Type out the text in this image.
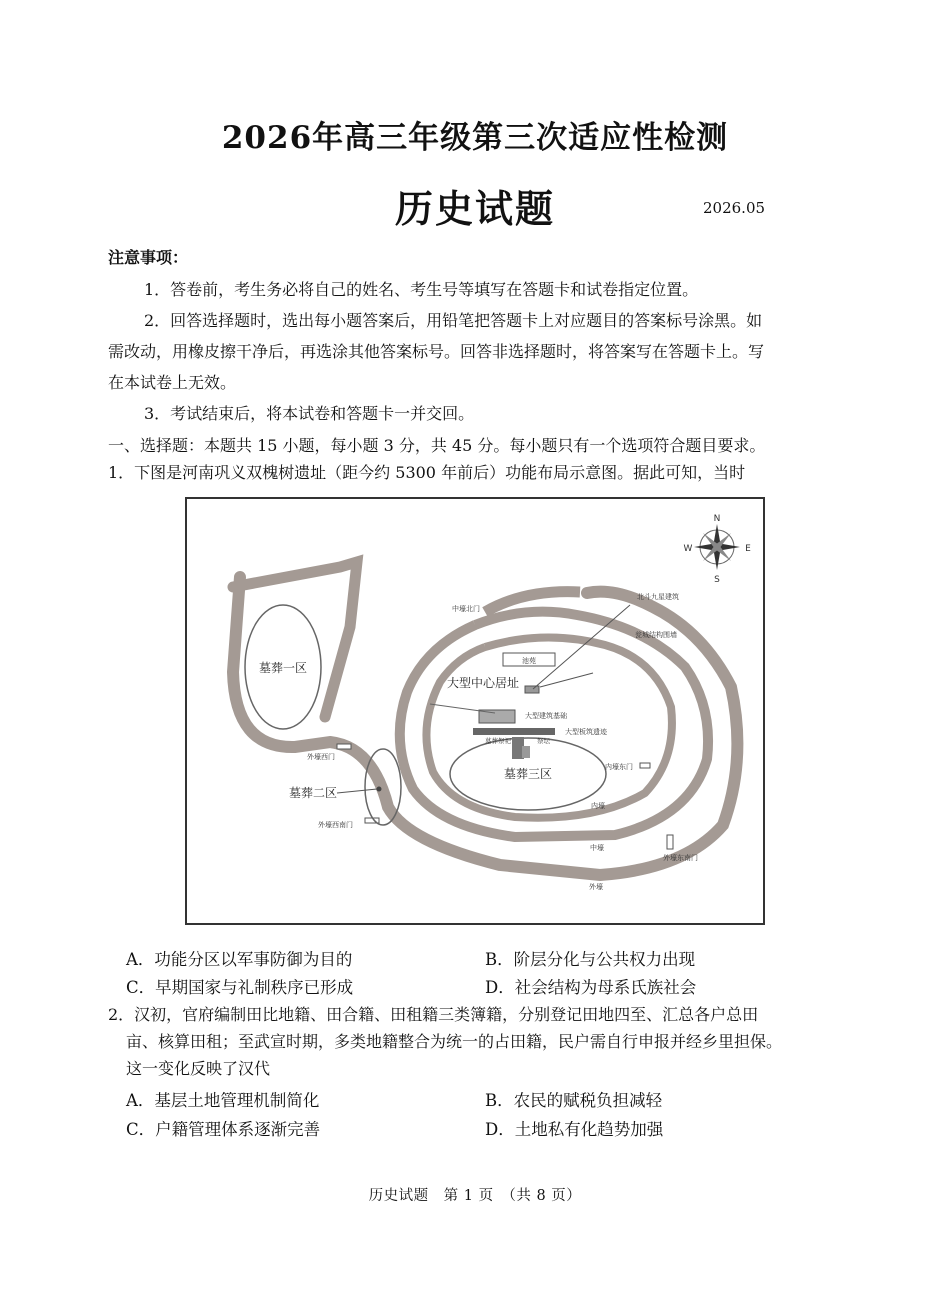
2026年高三年级第三次适应性检测
历史试题	2026.05
注意事项：
1．答卷前，考生务必将自己的姓名、考生号等填写在答题卡和试卷指定位置。
2．回答选择题时，选出每小题答案后，用铅笔把答题卡上对应题目的答案标号涂黑。如
需改动，用橡皮擦干净后，再选涂其他答案标号。回答非选择题时，将答案写在答题卡上。写
在本试卷上无效。
3．考试结束后，将本试卷和答题卡一并交回。
一、选择题：本题共 15 小题，每小题 3 分，共 45 分。每小题只有一个选项符合题目要求。
1．下图是河南巩义双槐树遗址（距今约 5300 年前后）功能布局示意图。据此可知，当时
N
S
E
W
墓葬一区
墓葬二区
墓葬三区
大型中心居址
池苑
中壕北门
北斗九星建筑
瓮城结构围墙
大型建筑基础
大型板筑遗迹
祭坛
墓葬祭祀
外壕西门
外壕西南门
内壕东门
外壕东南门
内壕
中壕
外壕
A．功能分区以军事防御为目的	B．阶层分化与公共权力出现
C．早期国家与礼制秩序已形成	D．社会结构为母系氏族社会
2．汉初，官府编制田比地籍、田合籍、田租籍三类簿籍，分别登记田地四至、汇总各户总田
亩、核算田租；至武宣时期，多类地籍整合为统一的占田籍，民户需自行申报并经乡里担保。
这一变化反映了汉代
A．基层土地管理机制简化	B．农民的赋税负担减轻
C．户籍管理体系逐渐完善	D．土地私有化趋势加强
历史试题　第 1 页　（共 8 页）
